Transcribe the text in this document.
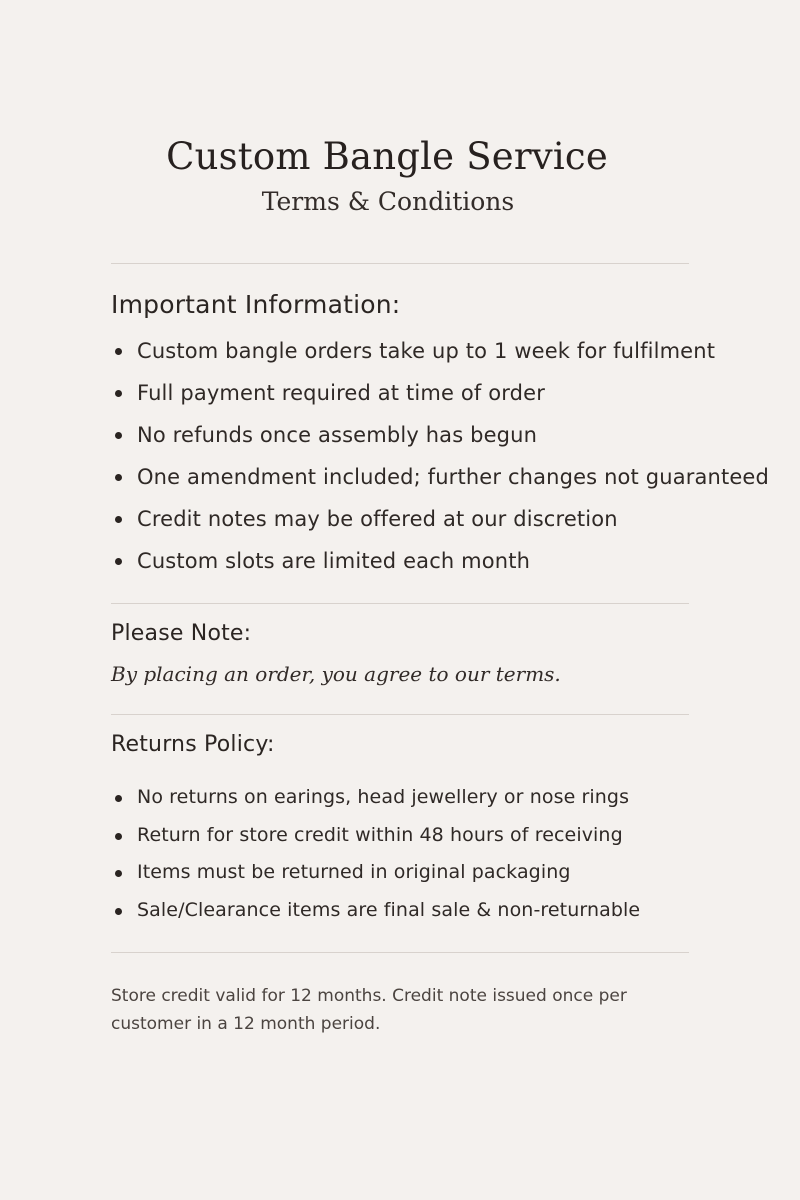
Custom Bangle Service
Terms & Conditions
Important Information:
Custom bangle orders take up to 1 week for fulfilment
Full payment required at time of order
No refunds once assembly has begun
One amendment included; further changes not guaranteed
Credit notes may be offered at our discretion
Custom slots are limited each month
Please Note:
By placing an order, you agree to our terms.
Returns Policy:
No returns on earings, head jewellery or nose rings
Return for store credit within 48 hours of receiving
Items must be returned in original packaging
Sale/Clearance items are final sale & non-returnable
Store credit valid for 12 months. Credit note issued once per customer in a 12 month period.
